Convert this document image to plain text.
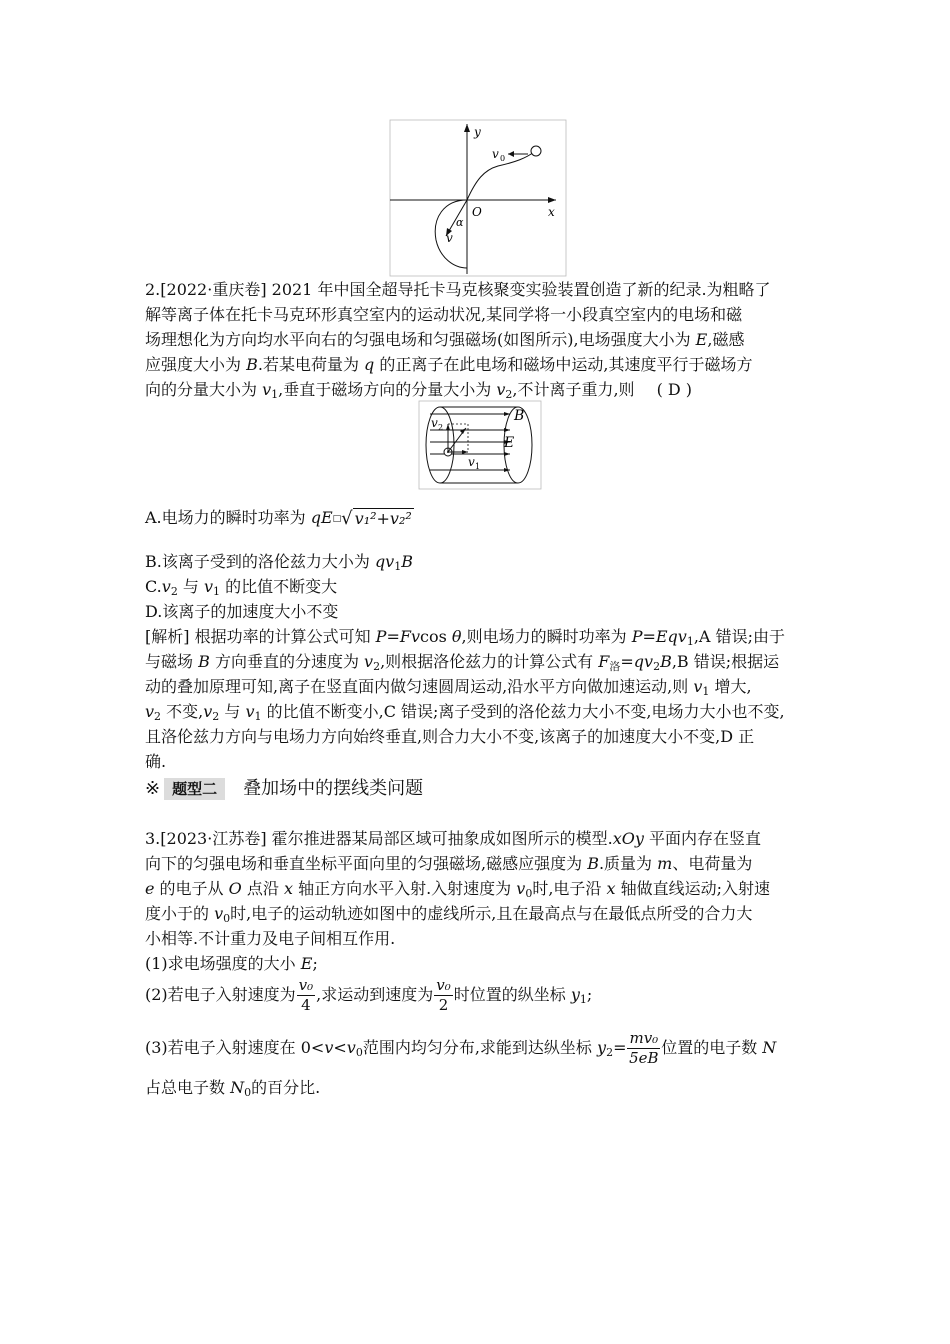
y
x
O
v 0
α
v
2.[2022·重庆卷] 2021 年中国全超导托卡马克核聚变实验装置创造了新的纪录.为粗略了
解等离子体在托卡马克环形真空室内的运动状况,某同学将一小段真空室内的电场和磁
场理想化为方向均水平向右的匀强电场和匀强磁场(如图所示),电场强度大小为 E,磁感
应强度大小为 B.若某电荷量为 q 的正离子在此电场和磁场中运动,其速度平行于磁场方
向的分量大小为 $v_1$,垂直于磁场方向的分量大小为 $v_2$,不计离子重力,则 ( D )
B
E
v 2
v 1
A.电场力的瞬时功率为 qE□√ v₁²+v₂²
B.该离子受到的洛伦兹力大小为 $qv_1B$
$C.v_2$ 与 $v_1$ 的比值不断变大
D.该离子的加速度大小不变
[解析] 根据功率的计算公式可知 P=Fvcos θ,则电场力的瞬时功率为 P=Eqv$_1$,A 错误;由于
与磁场 B 方向垂直的分速度为 $v_2$,则根据洛伦兹力的计算公式有 $F_洛=qv_2B,B$ 错误;根据运
动的叠加原理可知,离子在竖直面内做匀速圆周运动,沿水平方向做加速运动,则 $v_1$ 增大,
$v_2$ 不变$,v_2$ 与 $v_1$ 的比值不断变小,C 错误;离子受到的洛伦兹力大小不变,电场力大小也不变,
且洛伦兹力方向与电场力方向始终垂直,则合力大小不变,该离子的加速度大小不变,D 正
确.
※ 题型二 叠加场中的摆线类问题
3.[2023·江苏卷] 霍尔推进器某局部区域可抽象成如图所示的模型.xOy 平面内存在竖直
向下的匀强电场和垂直坐标平面向里的匀强磁场,磁感应强度为 B.质量为 m、电荷量为
e 的电子从 O 点沿 x 轴正方向水平入射.入射速度为 $v_0$时,电子沿 x 轴做直线运动;入射速
度小于的 $v_0$时,电子的运动轨迹如图中的虚线所示,且在最高点与在最低点所受的合力大
小相等.不计重力及电子间相互作用.
(1)求电场强度的大小 E;
(2)若电子入射速度为 $\frac{\text{v₀}}{4}$ ,求运动到速度为 $\frac{\text{v₀}}{2}$ 时位置的纵坐标 $y_1$;
(3)若电子入射速度在 $0<v<v_0$范围内均匀分布,求能到达纵坐标 $y_2= \frac{\text{mv₀}}{5eB}$ 位置的电子数 N
占总电子数 $N_0$的百分比.
